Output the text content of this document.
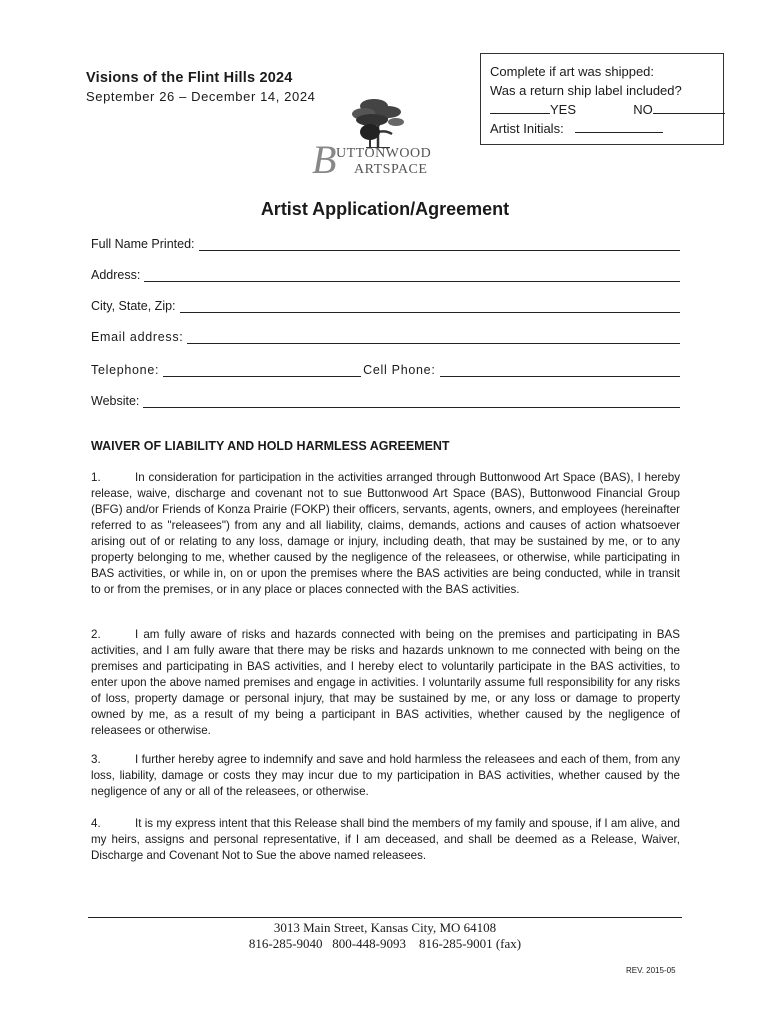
Visions of the Flint Hills 2024
September 26 – December 14, 2024
B UTTONWOOD
ARTSPACE
Complete if art was shipped:
Was a return ship label included?
YES	NO
Artist Initials:
Artist Application/Agreement
Full Name Printed:
Address:
City, State, Zip:
Email address:
Telephone:	Cell Phone:
Website:
WAIVER OF LIABILITY AND HOLD HARMLESS AGREEMENT
1.	In consideration for participation in the activities arranged through Buttonwood Art Space (BAS), I hereby release, waive, discharge and covenant not to sue Buttonwood Art Space (BAS), Buttonwood Financial Group (BFG) and/or Friends of Konza Prairie (FOKP) their officers, servants, agents, owners, and employees (hereinafter referred to as "releasees") from any and all liability, claims, demands, actions and causes of action whatsoever arising out of or relating to any loss, damage or injury, including death, that may be sustained by me, or to any property belonging to me, whether caused by the negligence of the releasees, or otherwise, while participating in BAS activities, or while in, on or upon the premises where the BAS activities are being conducted, while in transit to or from the premises, or in any place or places connected with the BAS activities.
2.	I am fully aware of risks and hazards connected with being on the premises and participating in BAS activities, and I am fully aware that there may be risks and hazards unknown to me connected with being on the premises and participating in BAS activities, and I hereby elect to voluntarily participate in the BAS activities, to enter upon the above named premises and engage in activities. I voluntarily assume full responsibility for any risks of loss, property damage or personal injury, that may be sustained by me, or any loss or damage to property owned by me, as a result of my being a participant in BAS activities, whether caused by the negligence of releasees or otherwise.
3.	I further hereby agree to indemnify and save and hold harmless the releasees and each of them, from any loss, liability, damage or costs they may incur due to my participation in BAS activities, whether caused by the negligence of any or all of the releasees, or otherwise.
4.	It is my express intent that this Release shall bind the members of my family and spouse, if I am alive, and my heirs, assigns and personal representative, if I am deceased, and shall be deemed as a Release, Waiver, Discharge and Covenant Not to Sue the above named releasees.
3013 Main Street, Kansas City, MO 64108
816-285-9040   800-448-9093    816-285-9001 (fax)
REV. 2015-05
